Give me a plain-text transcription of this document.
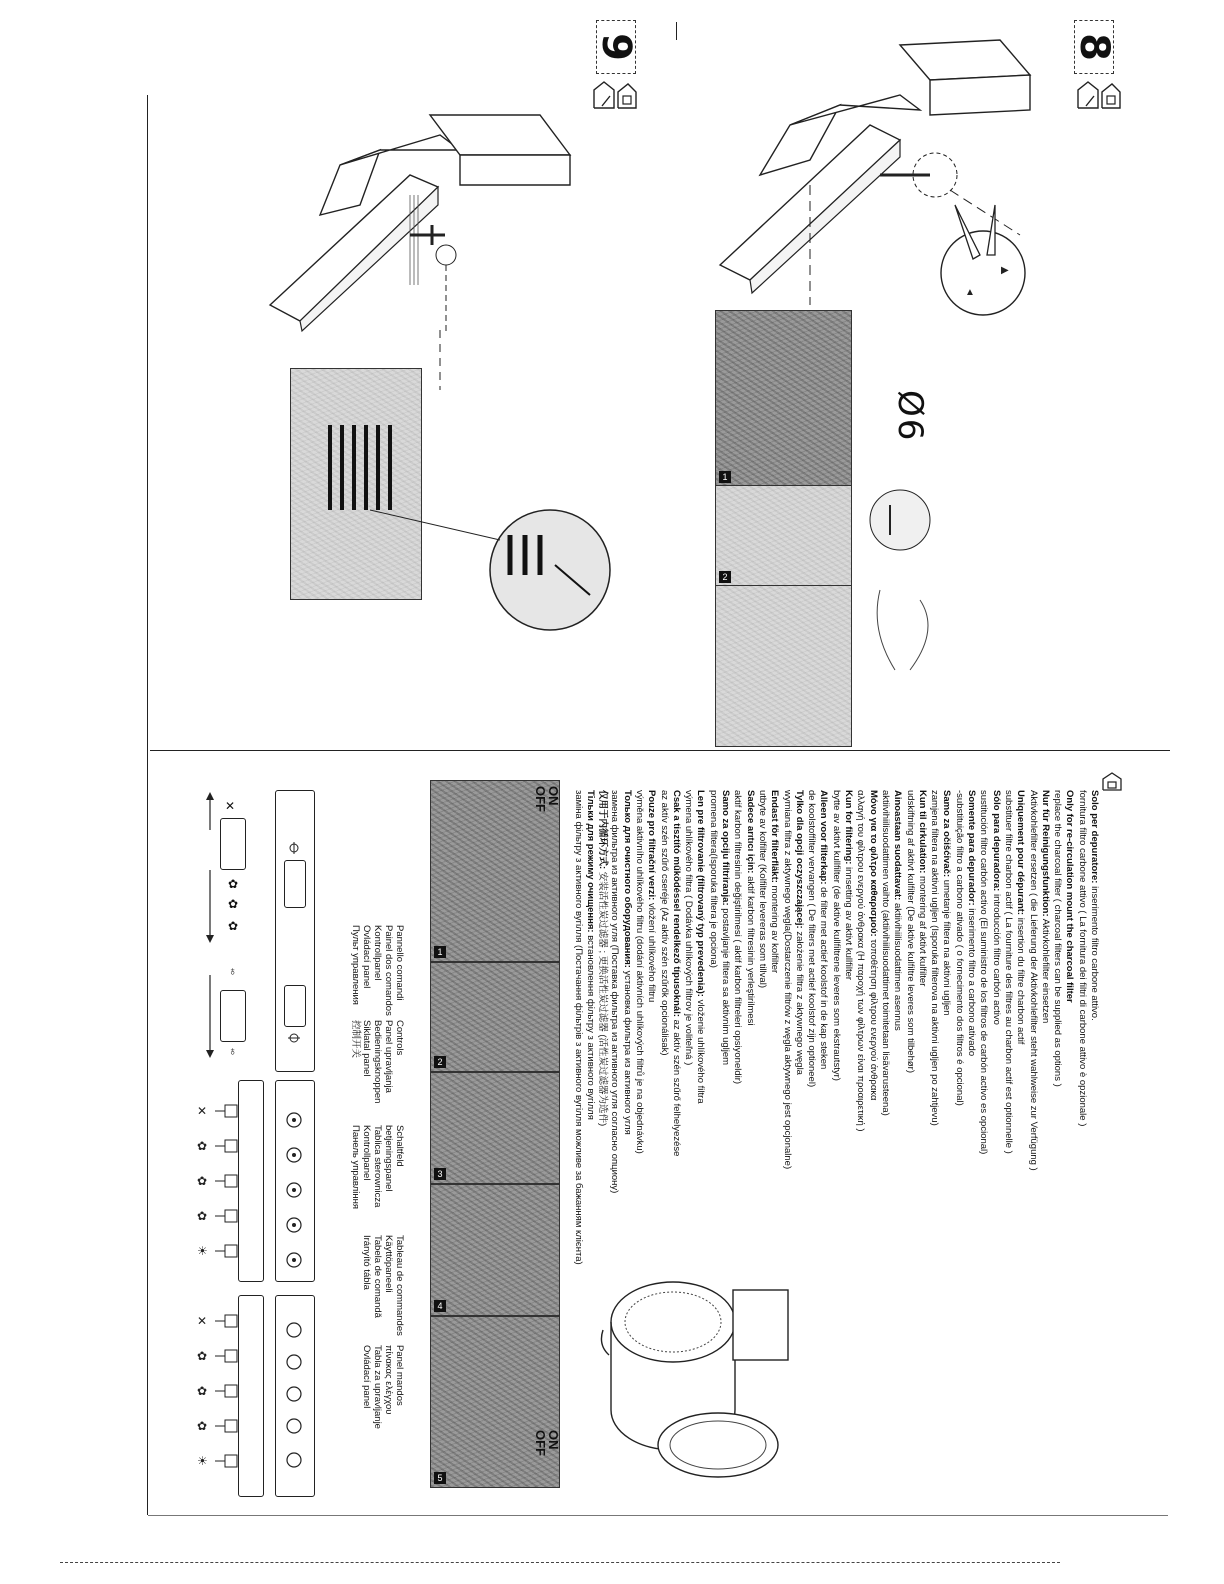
9	8
▲
▶
1
2
Ø6
Solo per depuratore: inserimento filtro carbone attivo.
fornitura filtro carbone attivo ( La fornitura dei filtri di carbone attivo è opzionale )
Only for re-circulation mount the charcoal filter
replace the charcoal filter ( charcoal filters can be supplied as options )
Nur für Reinigungsfunktion: Aktivkohlefilter einsetzen
Aktivkohlefilter ersetzen ( die Lieferung der Aktivkohlefilter steht wahlweise zur Verfügung )
Uniquement pour dépurant: insertion du filtre charbon actif
substituer filtre charbon actif ( La fourniture des filtres au charbon actif est optionnelle )
Sólo para depuradora: introducción filtro carbón activo
sustitución filtro carbón activo (El suministro de los filtros de carbón activo es opcional)
Somente para depurador: inserimento filtro a carbono ativado
-substituição filtro a carbono ativado ( o fornecimento dos filtros é opcional)
Samo za očišćivač: umetanje filtera na aktivni ugljen
zamjena filtera na aktivni ugljen (Isporuka filterova na aktivni ugljen po zahtjevu)
Kun til cirkulation: montering af aktivt kulfilter
udskiftning af aktivt kulfilter (De aktive kulfiltre leveres som tilbehør)
Ainoastaan suodattavat: aktiivihiilisuodattimen asennus
aktiivihiilisuodattimen vaihto (aktiivihiilisuodattimet toimitetaan lisävarusteena)
Μόνο για το φίλτρο καθαρισμού: τοποθέτηση φίλτρου ενεργού άνθρακα
αλλαγή του φίλτρου ενεργού άνθρακα (Η παροχή των φίλτρων είναι προαιρετική )
Kun for filtering: innsetting av aktivt kullfilter
bytte av aktivt kullfilter (de aktive kullfiltrene leveres som ekstrautstyr)
Alleen voor filterkap: de filter met actief koolstof in de kap steken
de koolstoffilter vervangen ( De filters met actief koolstof zijn optioneel)
Tylko dla opcji oczyszczającej: założenie filtra z aktywnego węgla
wymiana filtra z aktywnego węgla(Dostarczenie filtrów z węgla aktywnego jest opcjonalne)
Endast för filterfläkt: montering av kolfilter
utbyte av kolfilter (Kolfilter levereras som tillval)
Sadece arıtıcı için: aktif karbon filtresinin yerleştirilmesi
aktif karbon filtresinin değiştirilmesi ( aktif karbon filtreleri opsiyoneldir)
Samo za opciju filtriranja: postavljanje filtera sa aktivnim ugljem
promena filtera(Isporuka filtera je opciona)
Len pre filtrovanie (filtrovaný typ prevedenia): vloženie uhlíkového filtra
výmena uhlíkového filtra ( Dodávka uhlíkových filtrov je voliteľná )
Csak a tisztító működéssel rendelkező típusoknál: az aktív szén szűrő felhelyezése
az aktív szén szűrő cseréje (Az aktív szén szűrők opcionálisak)
Pouze pro filtrační verzi: vložení uhlíkového filtru
výměna aktivního uhlíkového filtru (dodání aktivních uhlíkových filtrů je na objednávku)
Только для очистного оборудования: установка фильтра из активного угля
замена фильтра из активного угля (Поставка фильтра из активного угля согласно опциону)
仅用于内循环方式: 安装活性炭过滤器 ; 更换活性炭过滤器 (活性炭过滤器为选件)
Тільки для режиму очищення: встановлення фільтру з активного вугілля
заміна фільтру з активного вугілля (Постачання фільтрів з активного вугілля можливе за бажанням клієнта)
1
2
3
4
5
ON
OFF
ON
OFF
Pannello comandi
Painel dos comandos
Kontrollpanel
Ovládací panel
Пульт управления
Controls
Panel upravljanja
Bedieningsknoppen
Siklatal panel
控制开关
Schaltfeld
betjeningspanel
Tablica sterownicza
Kontrollpanel
Панель управління
Tableau de commandes
Käyttöpaneeli
Tabela de comandă
Irányító tábla
Panel mandos
πίνακας ελέγχου
Tabla za upravljanje
Ovládací panel
✕
✿
✿
✿
♁
♁
✕
✿
✿
✿
☀
✕
✿
✿
✿
☀
